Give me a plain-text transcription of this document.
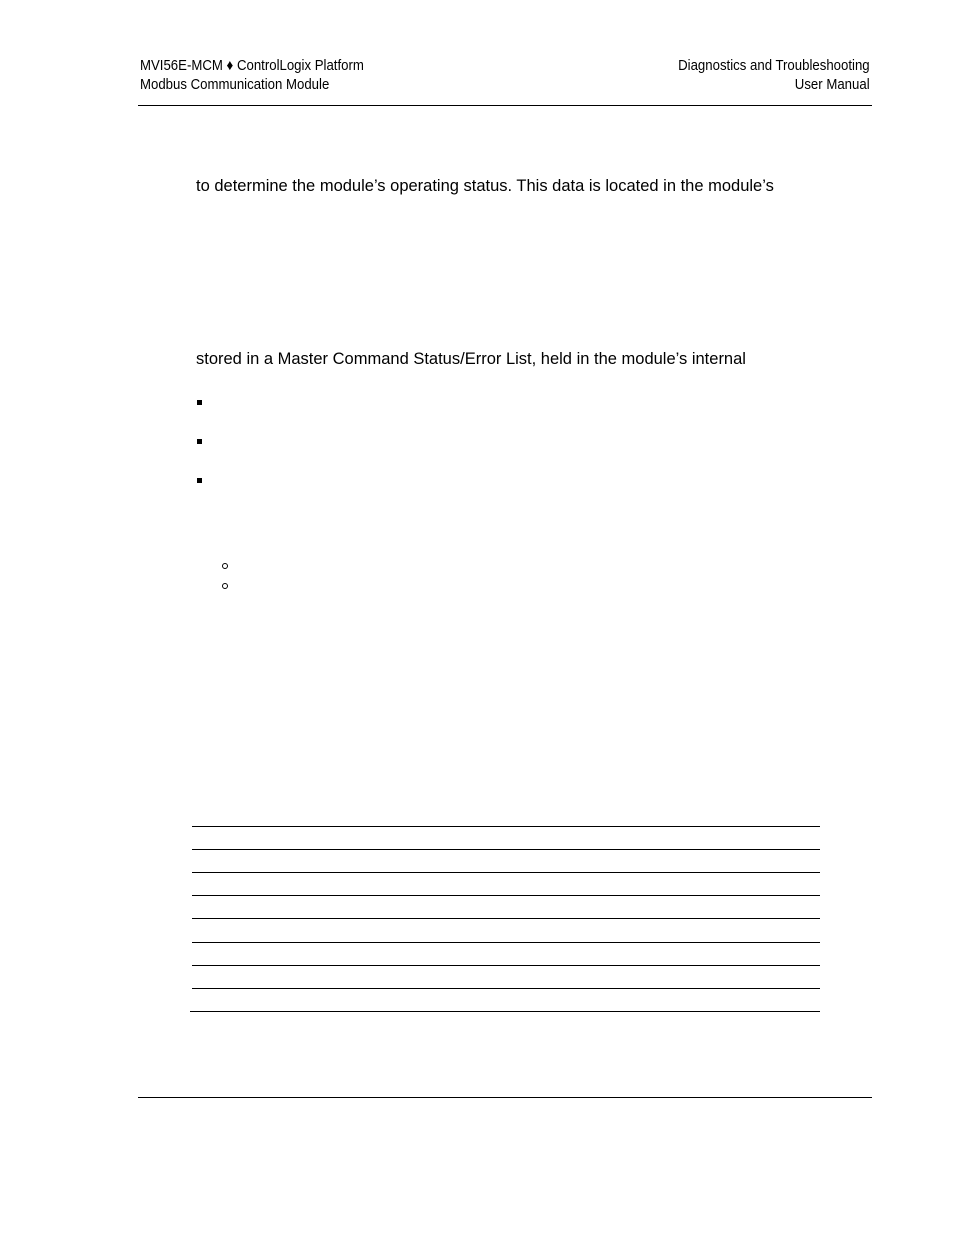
MVI56E-MCM ♦ ControlLogix Platform
Modbus Communication Module
Diagnostics and Troubleshooting
User Manual
to determine the module’s operating status. This data is located in the module’s
stored in a Master Command Status/Error List, held in the module’s internal
